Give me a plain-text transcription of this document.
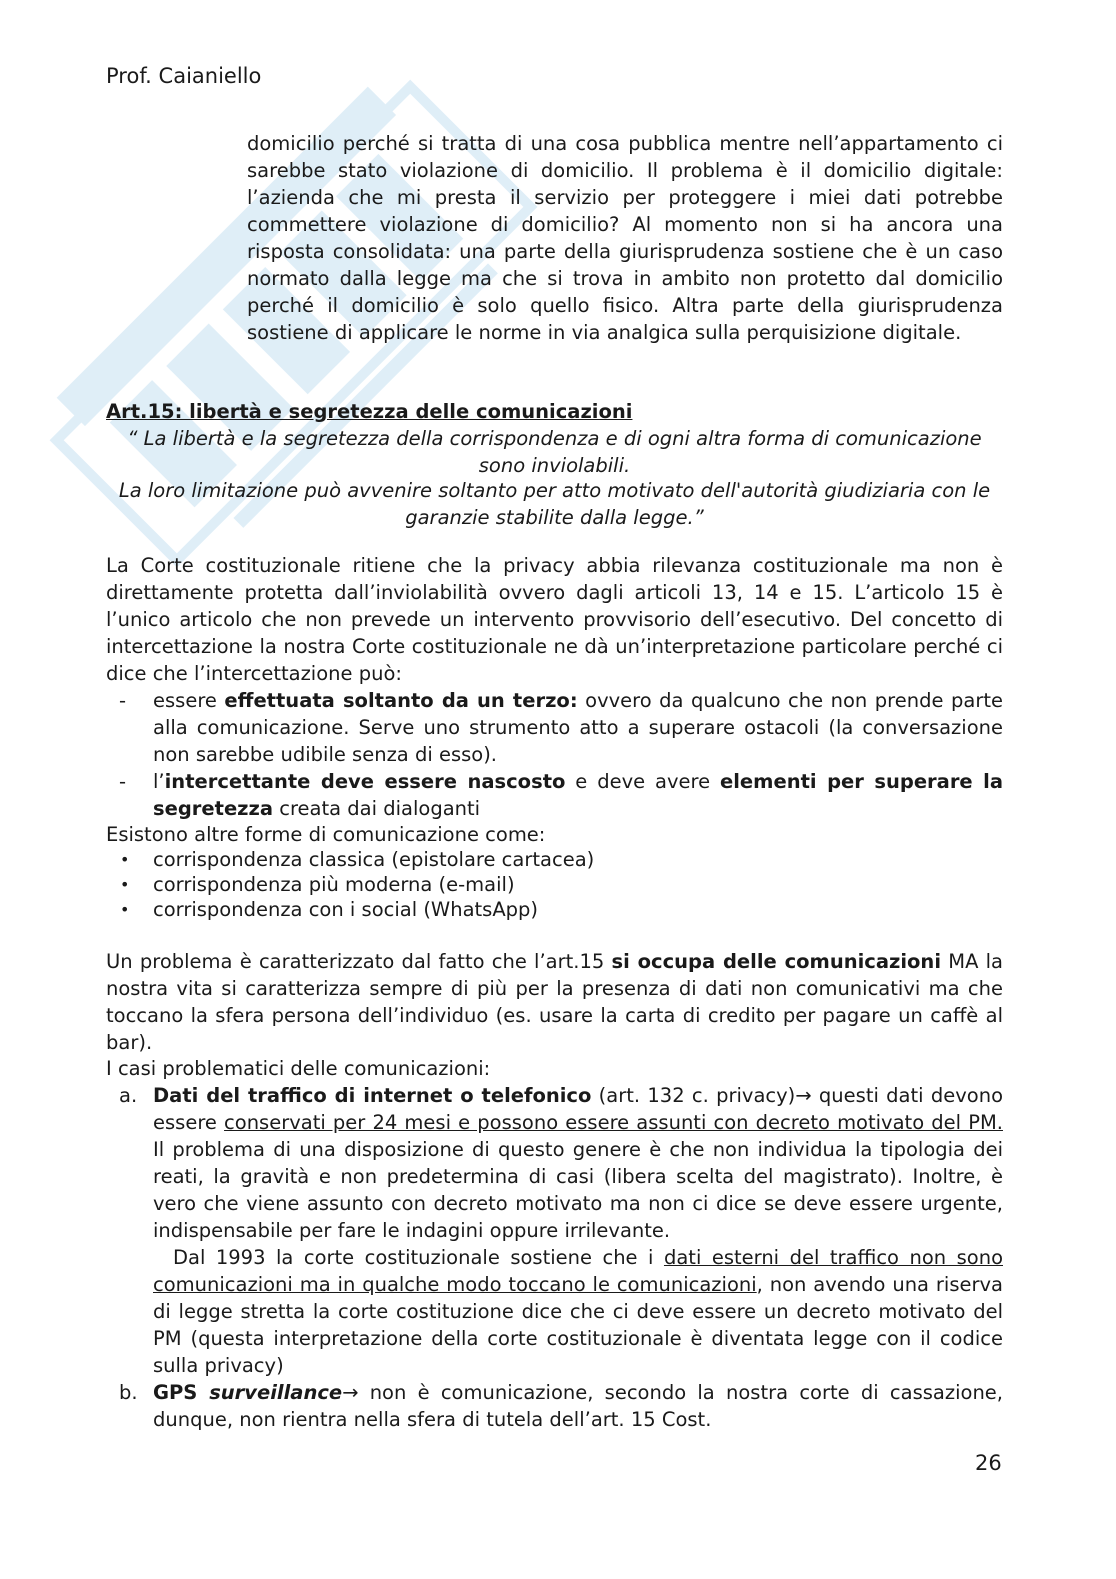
Prof. Caianiello

domicilio perché si tratta di una cosa pubblica mentre nell’appartamento ci sarebbe stato violazione di domicilio. Il problema è il domicilio digitale: l’azienda che mi presta il servizio per proteggere i miei dati potrebbe commettere violazione di domicilio? Al momento non si ha ancora una risposta consolidata: una parte della giurisprudenza sostiene che è un caso normato dalla legge ma che si trova in ambito non protetto dal domicilio perché il domicilio è solo quello fisico. Altra parte della giurisprudenza sostiene di applicare le norme in via analgica sulla perquisizione digitale.

Art.15: libertà e segretezza delle comunicazioni

“ La libertà e la segretezza della corrispondenza e di ogni altra forma di comunicazione sono inviolabili.

La loro limitazione può avvenire soltanto per atto motivato dell'autorità giudiziaria con le garanzie stabilite dalla legge.”

La Corte costituzionale ritiene che la privacy abbia rilevanza costituzionale ma non è direttamente protetta dall’inviolabilità ovvero dagli articoli 13, 14 e 15. L’articolo 15 è l’unico articolo che non prevede un intervento provvisorio dell’esecutivo. Del concetto di intercettazione la nostra Corte costituzionale ne dà un’interpretazione particolare perché ci dice che l’intercettazione può:

- essere effettuata soltanto da un terzo: ovvero da qualcuno che non prende parte alla comunicazione. Serve uno strumento atto a superare ostacoli (la conversazione non sarebbe udibile senza di esso).
- l’intercettante deve essere nascosto e deve avere elementi per superare la segretezza creata dai dialoganti

Esistono altre forme di comunicazione come:

• corrispondenza classica (epistolare cartacea)
• corrispondenza più moderna (e-mail)
• corrispondenza con i social (WhatsApp)

Un problema è caratterizzato dal fatto che l’art.15 si occupa delle comunicazioni MA la nostra vita si caratterizza sempre di più per la presenza di dati non comunicativi ma che toccano la sfera persona dell’individuo (es. usare la carta di credito per pagare un caffè al bar).

I casi problematici delle comunicazioni:

a. Dati del traffico di internet o telefonico (art. 132 c. privacy)→ questi dati devono essere conservati per 24 mesi e possono essere assunti con decreto motivato del PM. Il problema di una disposizione di questo genere è che non individua la tipologia dei reati, la gravità e non predetermina di casi (libera scelta del magistrato). Inoltre, è vero che viene assunto con decreto motivato ma non ci dice se deve essere urgente, indispensabile per fare le indagini oppure irrilevante.
Dal 1993 la corte costituzionale sostiene che i dati esterni del traffico non sono comunicazioni ma in qualche modo toccano le comunicazioni, non avendo una riserva di legge stretta la corte costituzione dice che ci deve essere un decreto motivato del PM (questa interpretazione della corte costituzionale è diventata legge con il codice sulla privacy)
b. GPS surveillance→ non è comunicazione, secondo la nostra corte di cassazione, dunque, non rientra nella sfera di tutela dell’art. 15 Cost.
26
